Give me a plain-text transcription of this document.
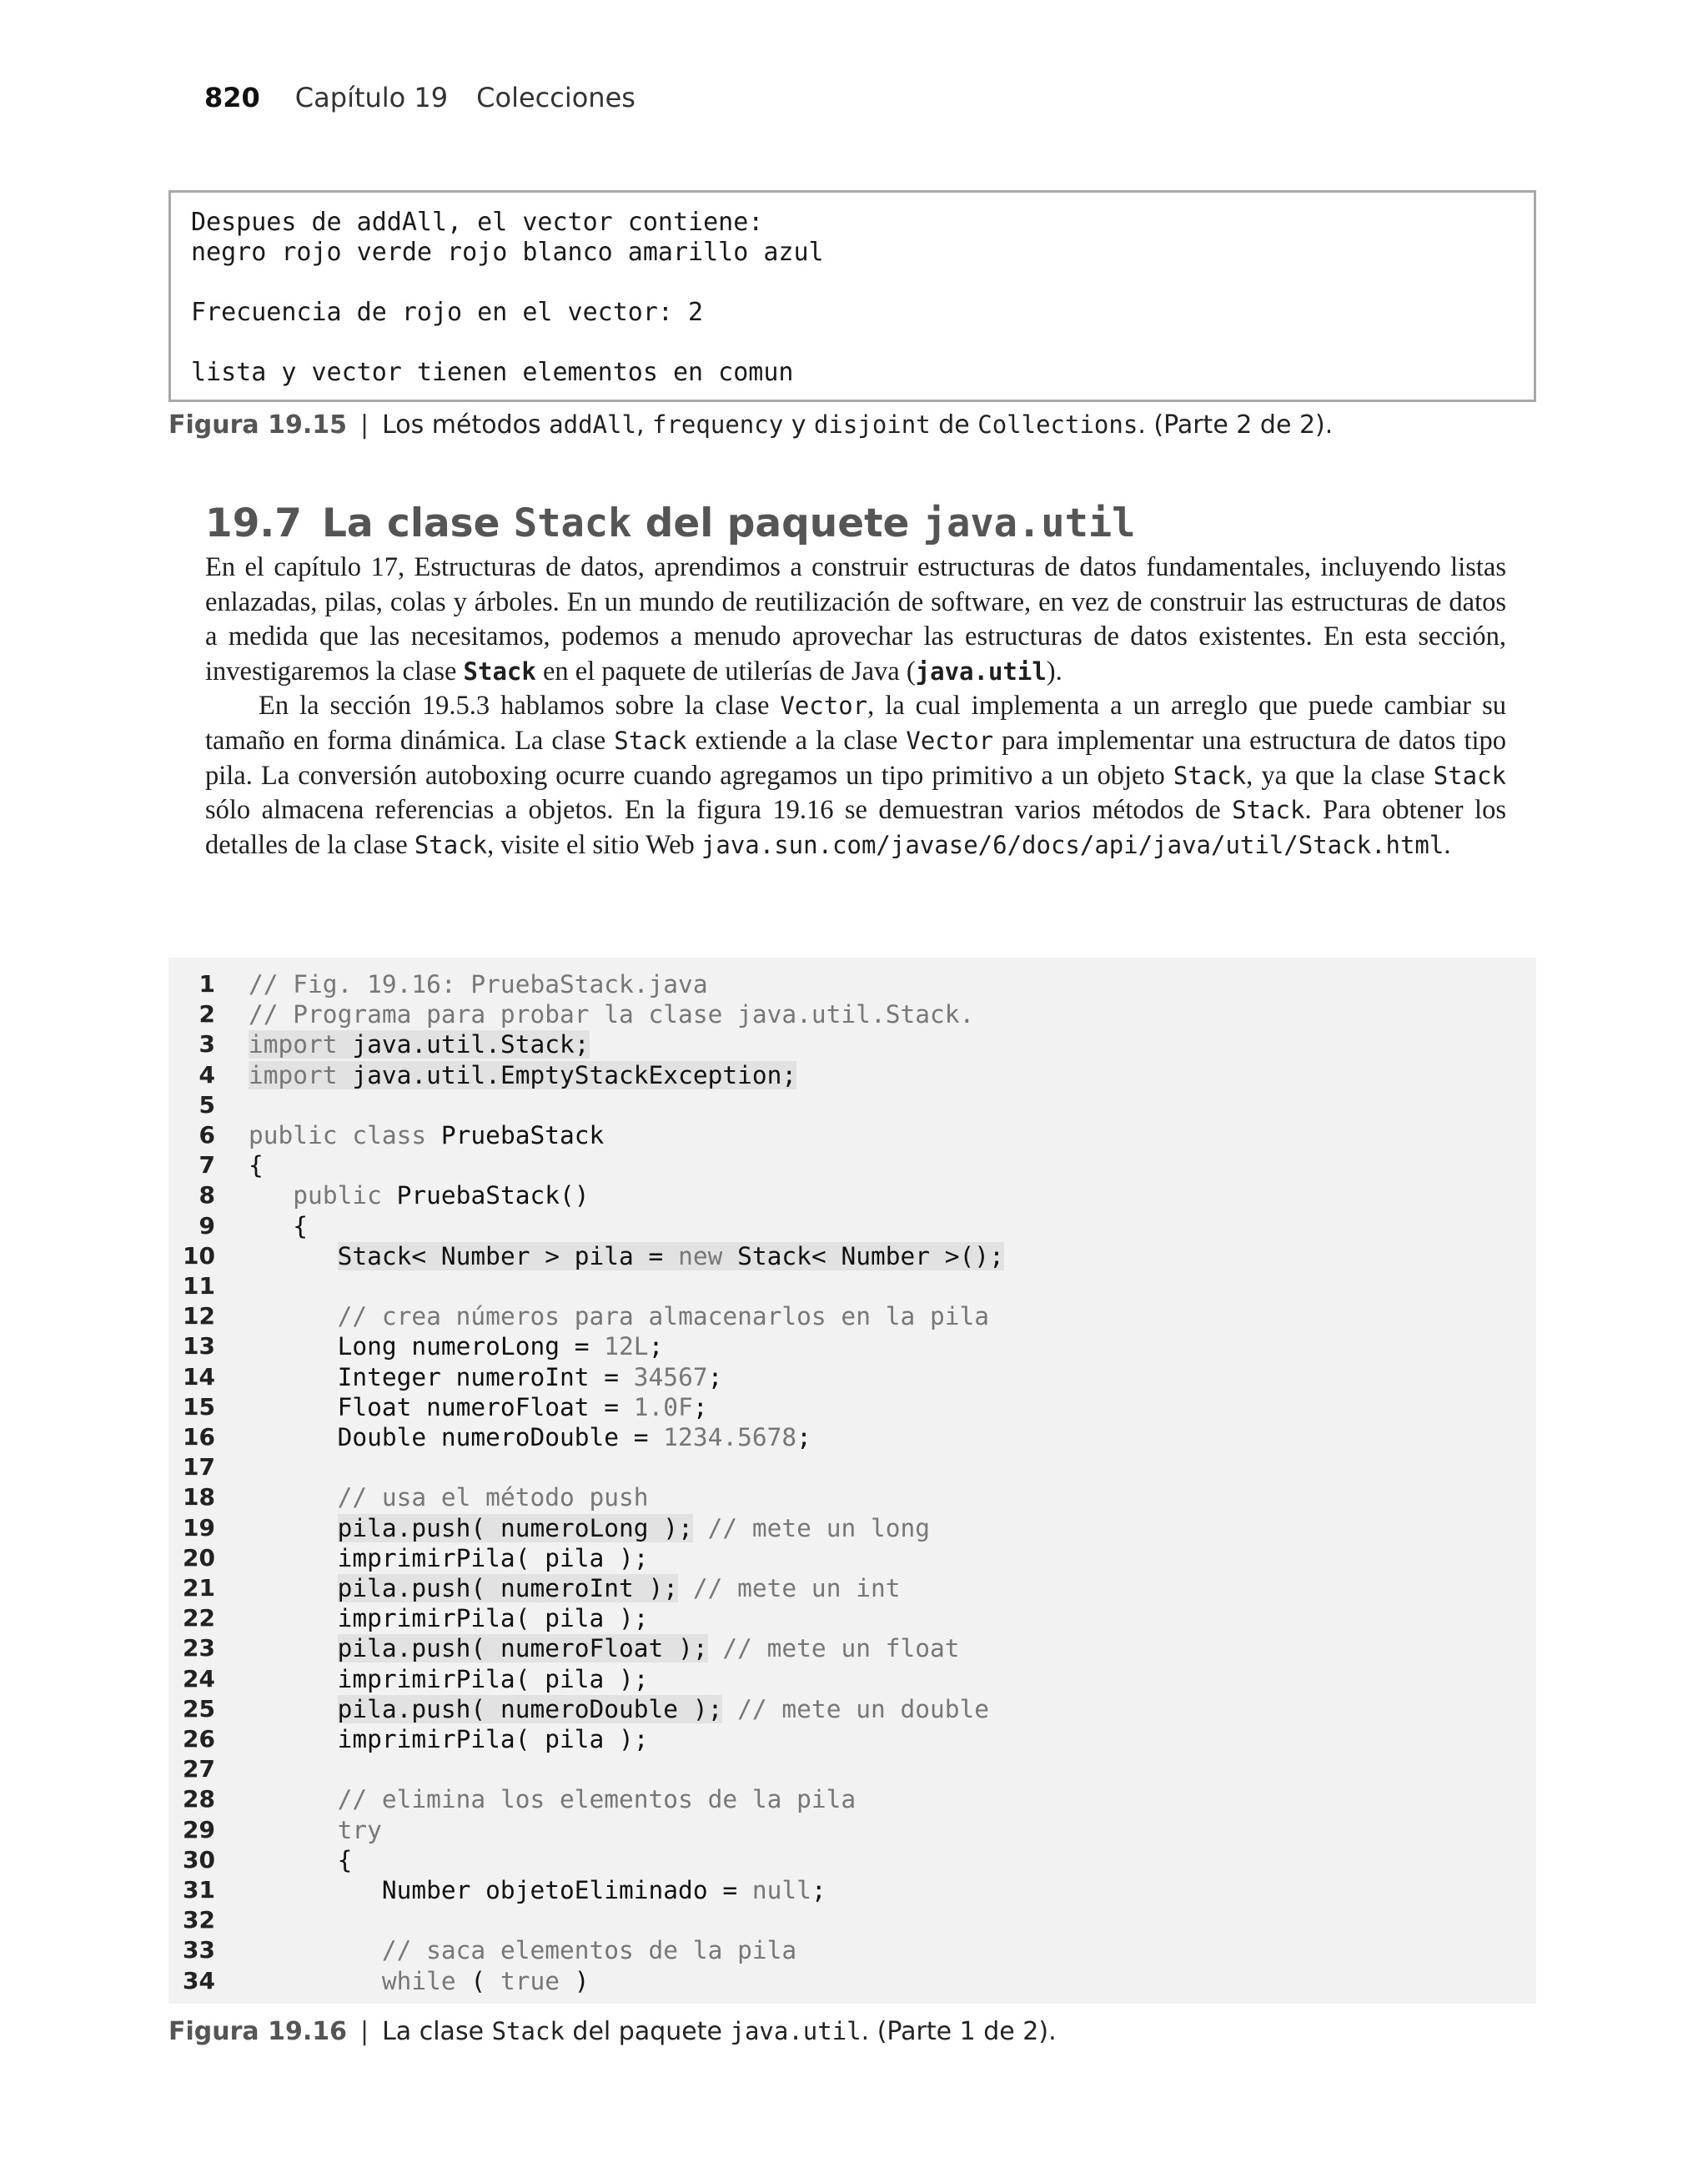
820 Capítulo 19 Colecciones
Despues de addAll, el vector contiene:
negro rojo verde rojo blanco amarillo azul
Frecuencia de rojo en el vector: 2
lista y vector tienen elementos en comun
Figura 19.15 | Los métodos addAll, frequency y disjoint de Collections. (Parte 2 de 2).
19.7 La clase Stack del paquete java.util

En el capítulo 17, Estructuras de datos, aprendimos a construir estructuras de datos fundamentales, incluyendo listas enlazadas, pilas, colas y árboles. En un mundo de reutilización de software, en vez de construir las estructuras de datos a medida que las necesitamos, podemos a menudo aprovechar las estructuras de datos existentes. En esta sección, investigaremos la clase Stack en el paquete de utilerías de Java (java.util).

En la sección 19.5.3 hablamos sobre la clase Vector, la cual implementa a un arreglo que puede cambiar su tamaño en forma dinámica. La clase Stack extiende a la clase Vector para implementar una estructura de datos tipo pila. La conversión autoboxing ocurre cuando agregamos un tipo primitivo a un objeto Stack, ya que la clase Stack sólo almacena referencias a objetos. En la figura 19.16 se demuestran varios métodos de Stack. Para obtener los detalles de la clase Stack, visite el sitio Web java.sun.com/javase/6/docs/api/java/util/Stack.html.

1 // Fig. 19.16: PruebaStack.java
2 // Programa para probar la clase java.util.Stack.
3 import java.util.Stack;
4 import java.util.EmptyStackException;
5
6 public class PruebaStack
7 {
8	public PruebaStack()
9 {
10	Stack< Number > pila = new Stack< Number >();
11
12	// crea números para almacenarlos en la pila
13 Long numeroLong = 12L;
14 Integer numeroInt = 34567;
15 Float numeroFloat = 1.0F;
16 Double numeroDouble = 1234.5678;
17
18	// usa el método push
19	pila.push( numeroLong ); // mete un long
20 imprimirPila( pila );
21	pila.push( numeroInt ); // mete un int
22 imprimirPila( pila );
23	pila.push( numeroFloat ); // mete un float
24 imprimirPila( pila );
25	pila.push( numeroDouble ); // mete un double
26 imprimirPila( pila );
27
28	// elimina los elementos de la pila
29	try
30 {
31 Number objetoEliminado = null;
32
33	// saca elementos de la pila
34	while ( true )
Figura 19.16 | La clase Stack del paquete java.util. (Parte 1 de 2).
